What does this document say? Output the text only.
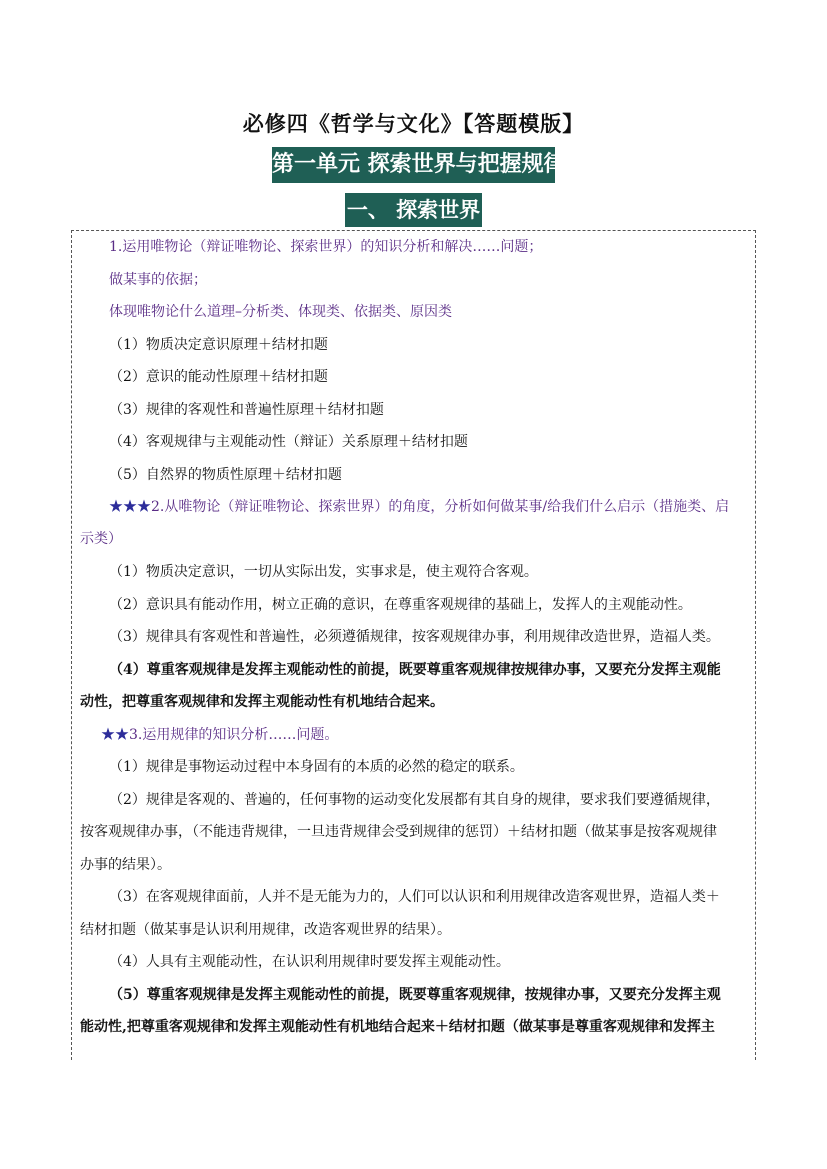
必修四《哲学与文化》【答题模版】
第一单元 探索世界与把握规律
一、 探索世界
1.运用唯物论（辩证唯物论、探索世界）的知识分析和解决……问题；
做某事的依据；
体现唯物论什么道理–分析类、体现类、依据类、原因类
（1）物质决定意识原理＋结材扣题
（2）意识的能动性原理＋结材扣题
（3）规律的客观性和普遍性原理＋结材扣题
（4）客观规律与主观能动性（辩证）关系原理＋结材扣题
（5）自然界的物质性原理＋结材扣题
★★★2.从唯物论（辩证唯物论、探索世界）的角度，分析如何做某事/给我们什么启示（措施类、启
示类）
（1）物质决定意识，一切从实际出发，实事求是，使主观符合客观。
（2）意识具有能动作用，树立正确的意识，在尊重客观规律的基础上，发挥人的主观能动性。
（3）规律具有客观性和普遍性，必须遵循规律，按客观规律办事，利用规律改造世界，造福人类。
（4）尊重客观规律是发挥主观能动性的前提，既要尊重客观规律按规律办事，又要充分发挥主观能
动性，把尊重客观规律和发挥主观能动性有机地结合起来。
★★3.运用规律的知识分析……问题。
（1）规律是事物运动过程中本身固有的本质的必然的稳定的联系。
（2）规律是客观的、普遍的，任何事物的运动变化发展都有其自身的规律，要求我们要遵循规律，
按客观规律办事，（不能违背规律，一旦违背规律会受到规律的惩罚）＋结材扣题（做某事是按客观规律
办事的结果）。
（3）在客观规律面前，人并不是无能为力的，人们可以认识和利用规律改造客观世界，造福人类＋
结材扣题（做某事是认识利用规律，改造客观世界的结果）。
（4）人具有主观能动性，在认识利用规律时要发挥主观能动性。
（5）尊重客观规律是发挥主观能动性的前提，既要尊重客观规律，按规律办事，又要充分发挥主观
能动性,把尊重客观规律和发挥主观能动性有机地结合起来＋结材扣题（做某事是尊重客观规律和发挥主
